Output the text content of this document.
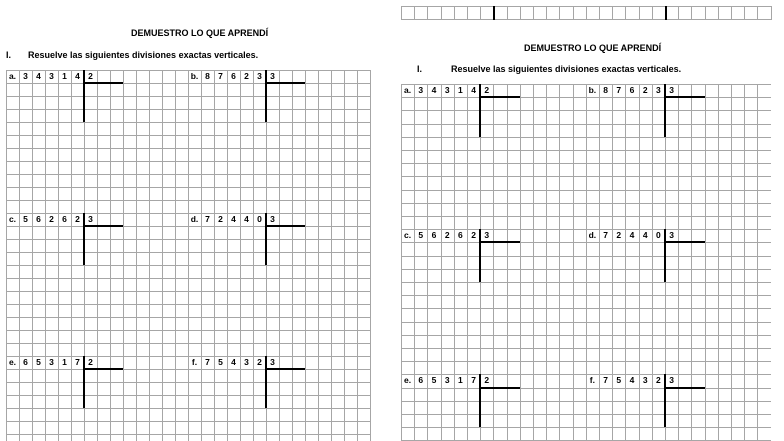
DEMUESTRO LO QUE APRENDÍ
I. Resuelve las siguientes divisiones exactas verticales.
a. 3 4 3 1 4 2	b. 8 7 6 2 3 3
c. 5 6 2 6 2 3	d. 7 2 4 4 0 3
e. 6 5 3 1 7 2	f. 7 5 4 3 2 3
DEMUESTRO LO QUE APRENDÍ
I.	Resuelve las siguientes divisiones exactas verticales.
a. 3 4 3 1 4 2	b. 8 7 6 2 3 3
c. 5 6 2 6 2 3	d. 7 2 4 4 0 3
e. 6 5 3 1 7 2	f. 7 5 4 3 2 3
